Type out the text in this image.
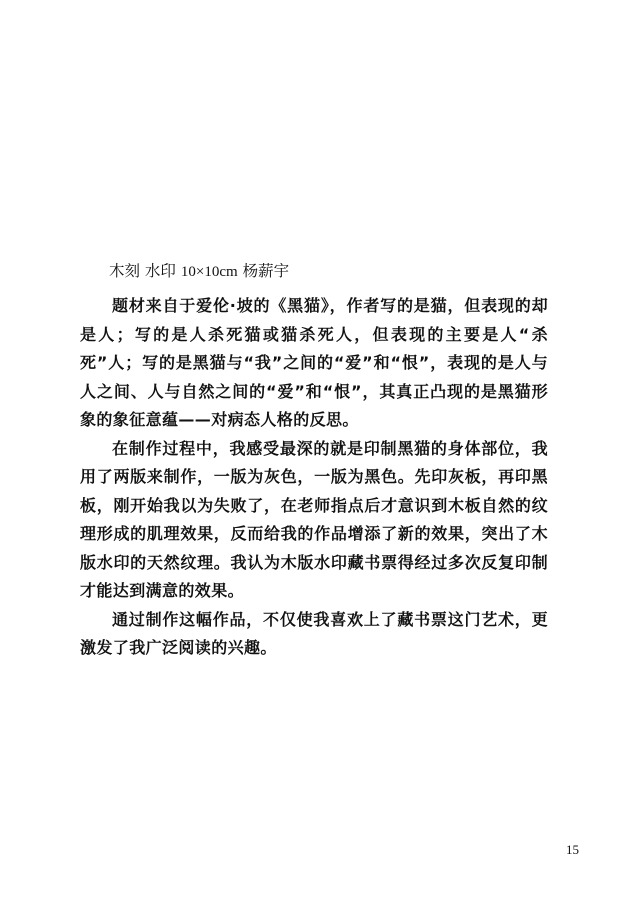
木刻 水印 10×10cm 杨薪宇

题材来自于爱伦·坡的《黑猫》，作者写的是猫，但表现的却是人；写的是人杀死猫或猫杀死人，但表现的主要是人“杀死”人；写的是黑猫与“我”之间的“爱”和“恨”，表现的是人与人之间、人与自然之间的“爱”和“恨”，其真正凸现的是黑猫形象的象征意蕴——对病态人格的反思。

在制作过程中，我感受最深的就是印制黑猫的身体部位，我用了两版来制作，一版为灰色，一版为黑色。先印灰板，再印黑板，刚开始我以为失败了，在老师指点后才意识到木板自然的纹理形成的肌理效果，反而给我的作品增添了新的效果，突出了木版水印的天然纹理。我认为木版水印藏书票得经过多次反复印制才能达到满意的效果。

通过制作这幅作品，不仅使我喜欢上了藏书票这门艺术，更激发了我广泛阅读的兴趣。

15
